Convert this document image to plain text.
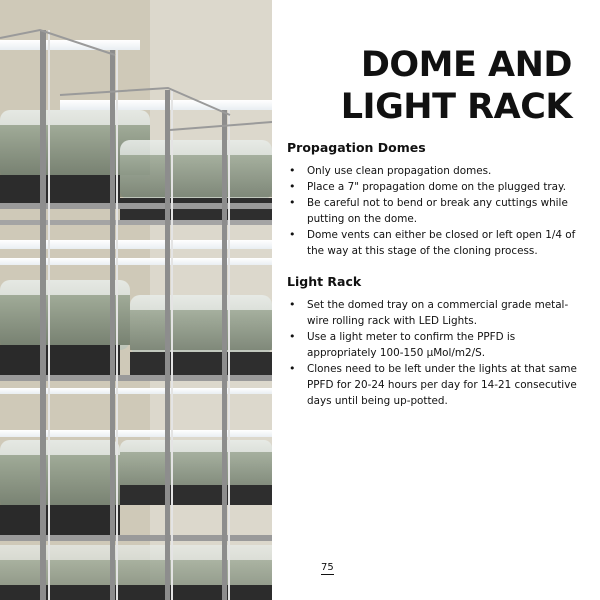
DOME AND
LIGHT RACK
Propagation Domes
• Only use clean propagation domes.
• Place a 7" propagation dome on the plugged tray.
• Be careful not to bend or break any cuttings while putting on the dome.
• Dome vents can either be closed or left open 1/4 of the way at this stage of the cloning process.
Light Rack
• Set the domed tray on a commercial grade metal-wire rolling rack with LED Lights.
• Use a light meter to confirm the PPFD is appropriately 100-150 µMol/m2/S.
• Clones need to be left under the lights at that same PPFD for 20-24 hours per day for 14-21 consecutive days until being up-potted.
75
